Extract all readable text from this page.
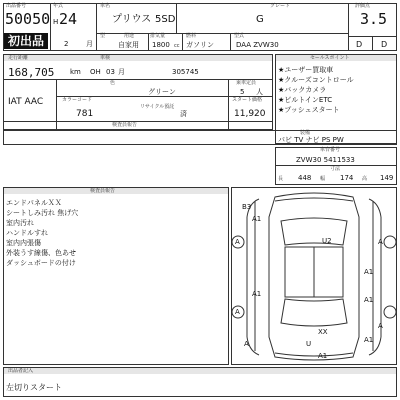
出品番号
50050
初出品
年式
H 24
2	月
車名
プリウス 5SD
グレード
G
評価点
3.5
D D
型	用途
自家用
排気量
1800 cc
燃料
ガソリン
型式
DAA ZVW30
走行距離	車検
168,705 km OH 03 月	305745
色	乗車定員
グリーン	5 人
IAT AAC	カラーコード	スタート価格
781
リサイクル預託
済	11,920
検査員報告
セールスポイント
★ユーザー買取車
★クルーズコントロール
★バックカメラ
★ビルトインETC
★プッシュスタート
装備
パビ TV ナビ PS PW
車台番号
ZVW30 5411533
寸法
長 448 幅 174 高 149
検査員報告
エンドパネルＸＸ
シートしみ汚れ 焦げ穴
室内汚れ
ハンドルすれ
室内内張傷
外装うす線傷、色あせ
ダッシュボードの付け
B3
A1
A
A
A1
A
U2	A
A1
A1
A
A1
XX
U
A1
出品者記入
左切りスタート
